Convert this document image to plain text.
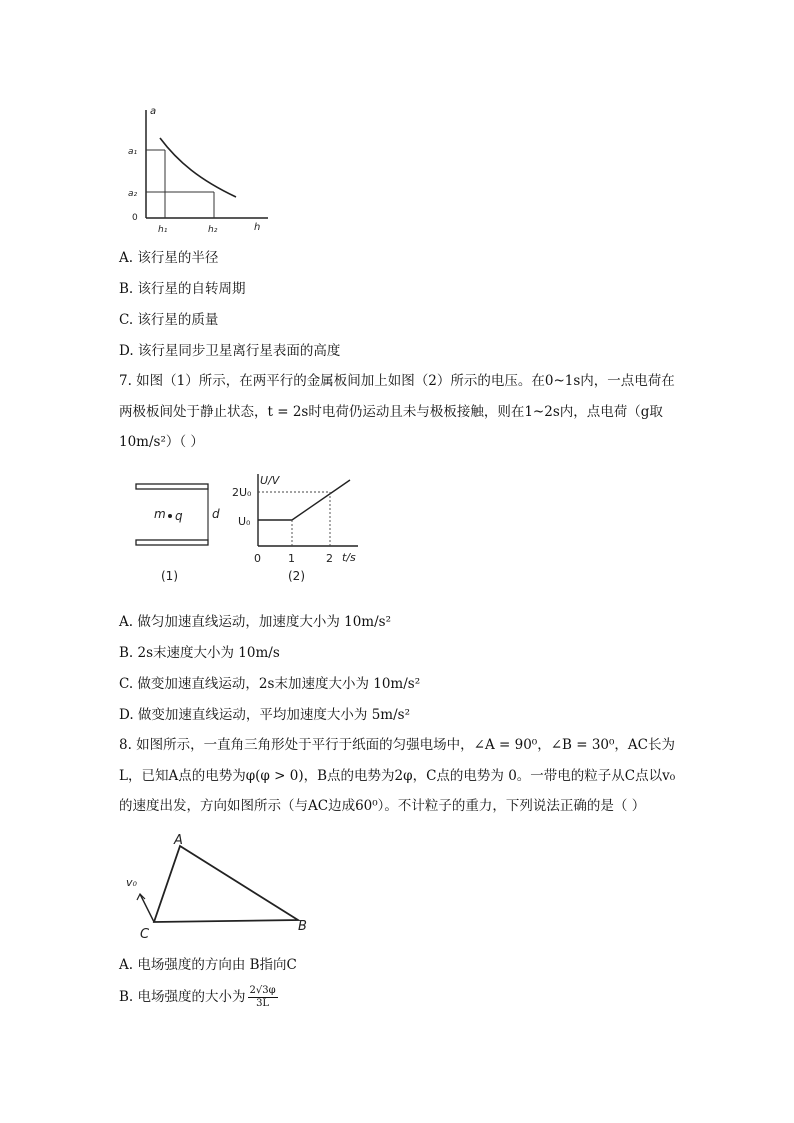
a
h
0
a₁
a₂
h₁	h₂
A. 该行星的半径
B. 该行星的自转周期
C. 该行星的质量
D. 该行星同步卫星离行星表面的高度
7. 如图（1）所示，在两平行的金属板间加上如图（2）所示的电压。在0~1s内，一点电荷在两极板间处于静止状态，t = 2s时电荷仍运动且未与极板接触，则在1~2s内，点电荷（g取10m/s²）（ ）
m q d
(1)
U/V
t/s
2U₀
U₀
0 1	2
(2)
A. 做匀加速直线运动，加速度大小为 10m/s²
B. 2s末速度大小为 10m/s
C. 做变加速直线运动，2s末加速度大小为 10m/s²
D. 做变加速直线运动，平均加速度大小为 5m/s²
8. 如图所示，一直角三角形处于平行于纸面的匀强电场中，∠A = 90⁰，∠B = 30⁰，AC长为L，已知A点的电势为φ(φ > 0)，B点的电势为2φ，C点的电势为 0。一带电的粒子从C点以v₀的速度出发，方向如图所示（与AC边成60⁰）。不计粒子的重力，下列说法正确的是（ ）
A
B
C
v₀
A. 电场强度的方向由 B指向C
B. 电场强度的大小为 $\frac{2√3\varphi}{3L}$
